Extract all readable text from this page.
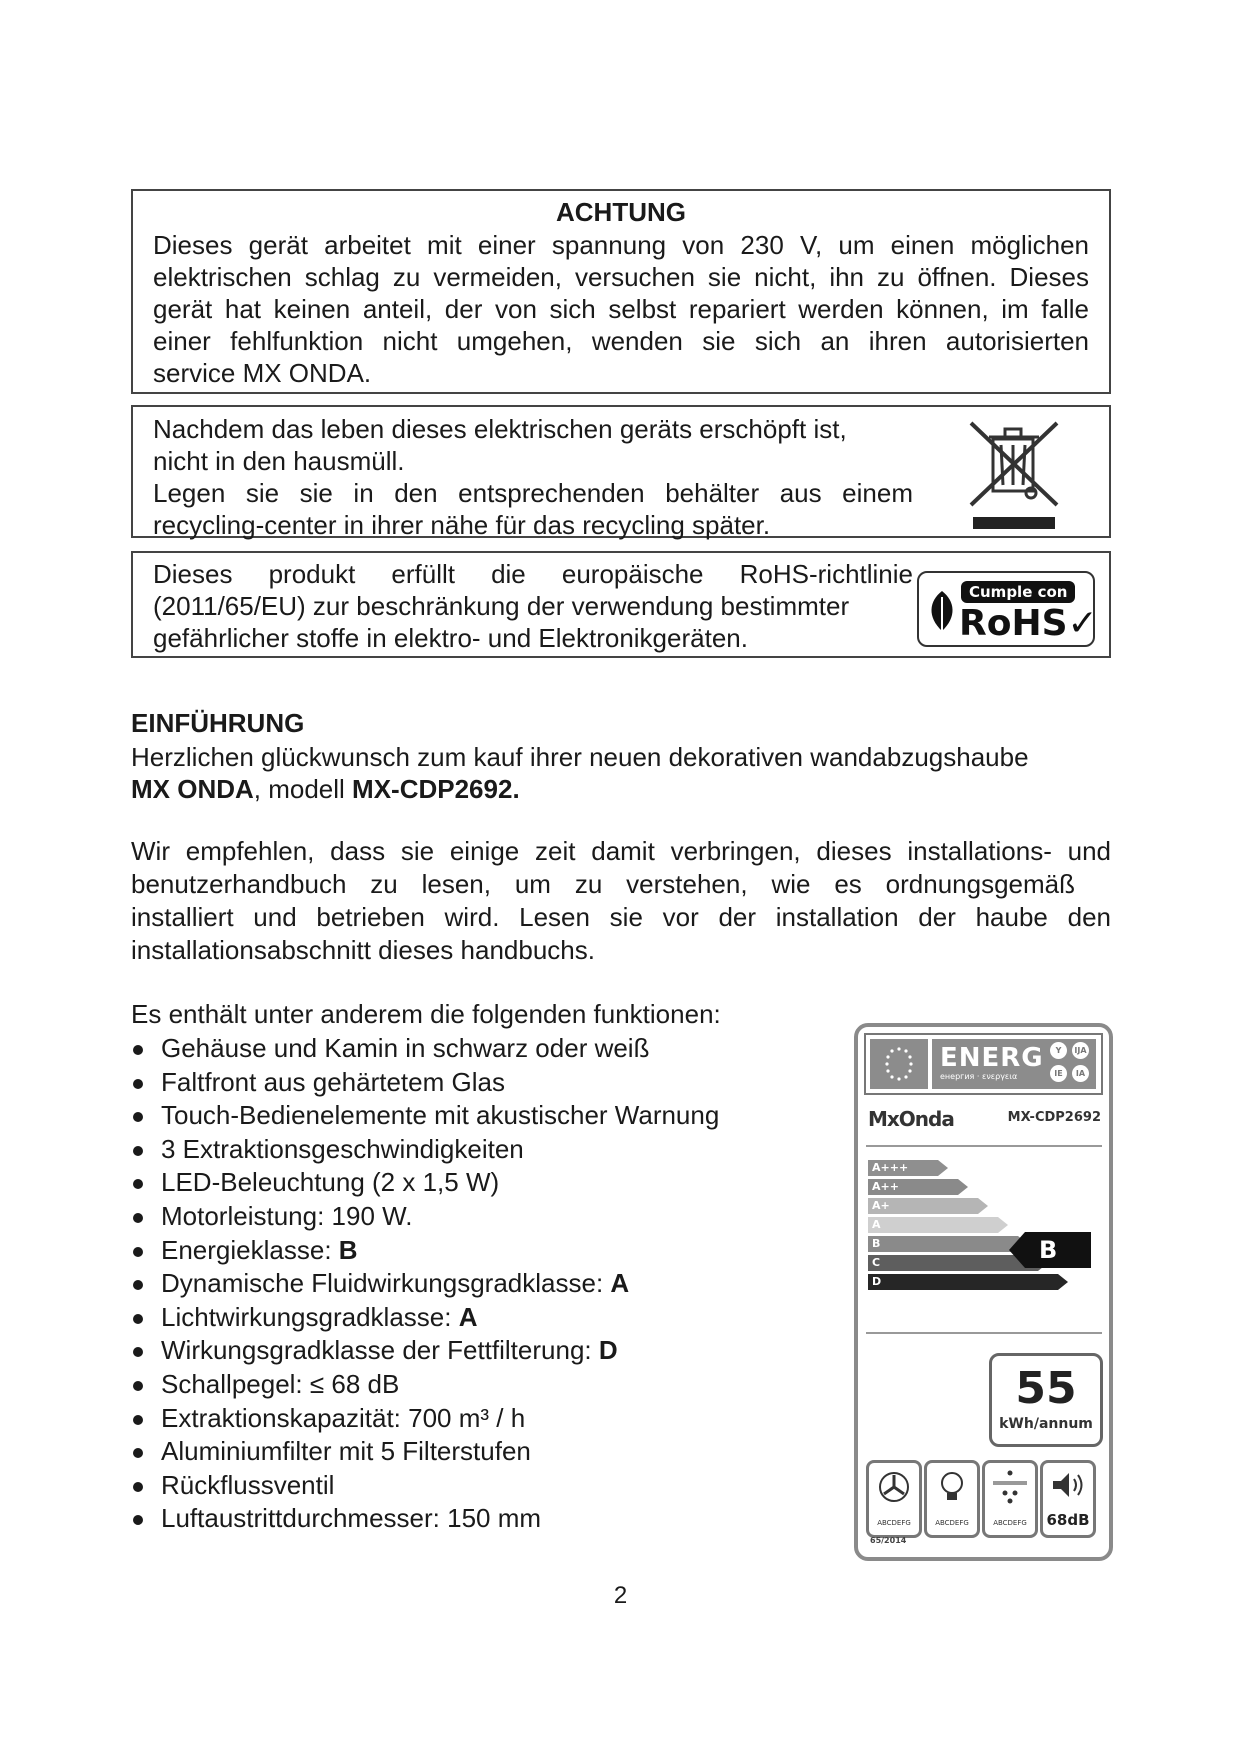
ACHTUNG

Dieses gerät arbeitet mit einer spannung von 230 V, um einen möglichen

elektrischen schlag zu vermeiden, versuchen sie nicht, ihn zu öffnen. Dieses

gerät hat keinen anteil, der von sich selbst repariert werden können, im falle

einer fehlfunktion nicht umgehen, wenden sie sich an ihren autorisierten

service MX ONDA.

Nachdem das leben dieses elektrischen geräts erschöpft ist,

nicht in den hausmüll.

Legen sie sie in den entsprechenden behälter aus einem

recycling-center in ihrer nähe für das recycling später.

Dieses produkt erfüllt die europäische RoHS-richtlinie

(2011/65/EU) zur beschränkung der verwendung bestimmter

gefährlicher stoffe in elektro- und Elektronikgeräten.

Cumple con
RoHS✓
EINFÜHRUNG
Herzlichen glückwunsch zum kauf ihrer neuen dekorativen wandabzugshaube
MX ONDA, modell MX-CDP2692.
Wir empfehlen, dass sie einige zeit damit verbringen, dieses installations- und
benutzerhandbuch zu lesen, um zu verstehen, wie es ordnungsgemäß
installiert und betrieben wird. Lesen sie vor der installation der haube den
installationsabschnitt dieses handbuchs.
Es enthält unter anderem die folgenden funktionen:
Gehäuse und Kamin in schwarz oder weiß
Faltfront aus gehärtetem Glas
Touch-Bedienelemente mit akustischer Warnung
3 Extraktionsgeschwindigkeiten
LED-Beleuchtung (2 x 1,5 W)
Motorleistung: 190 W.
Energieklasse: B
Dynamische Fluidwirkungsgradklasse: A
Lichtwirkungsgradklasse: A
Wirkungsgradklasse der Fettfilterung: D
Schallpegel: ≤ 68 dB
Extraktionskapazität: 700 m³ / h
Aluminiumfilter mit 5 Filterstufen
Rückflussventil
Luftaustrittdurchmesser: 150 mm
ENERG
енергия · ενεργεια
Y	IJA
IE	IA
MxOnda	MX-CDP2692
A+++
A++
A+
A
B
C
D
B
55
kWh/annum
ABCDEFG	ABCDEFG	ABCDEFG	68dB
65/2014
2
